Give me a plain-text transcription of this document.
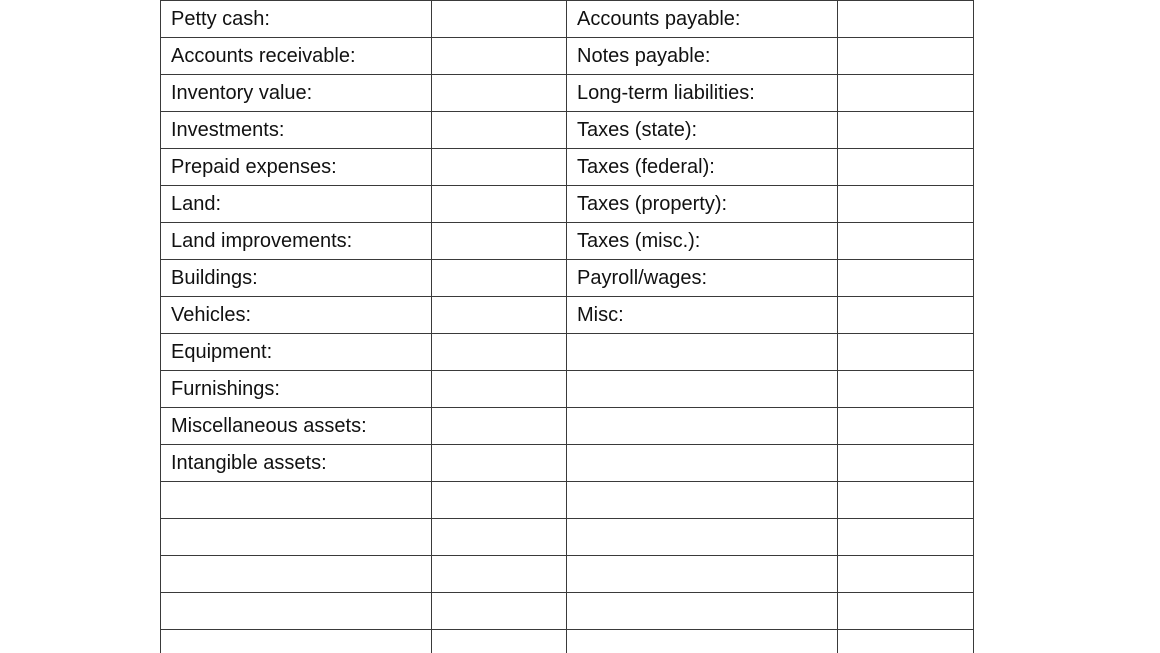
Petty cash:		Accounts payable:	
Accounts receivable:		Notes payable:	
Inventory value:		Long-term liabilities:	
Investments:		Taxes (state):	
Prepaid expenses:		Taxes (federal):	
Land:		Taxes (property):	
Land improvements:		Taxes (misc.):	
Buildings:		Payroll/wages:	
Vehicles:		Misc:	
Equipment:			
Furnishings:			
Miscellaneous assets:			
Intangible assets:			
